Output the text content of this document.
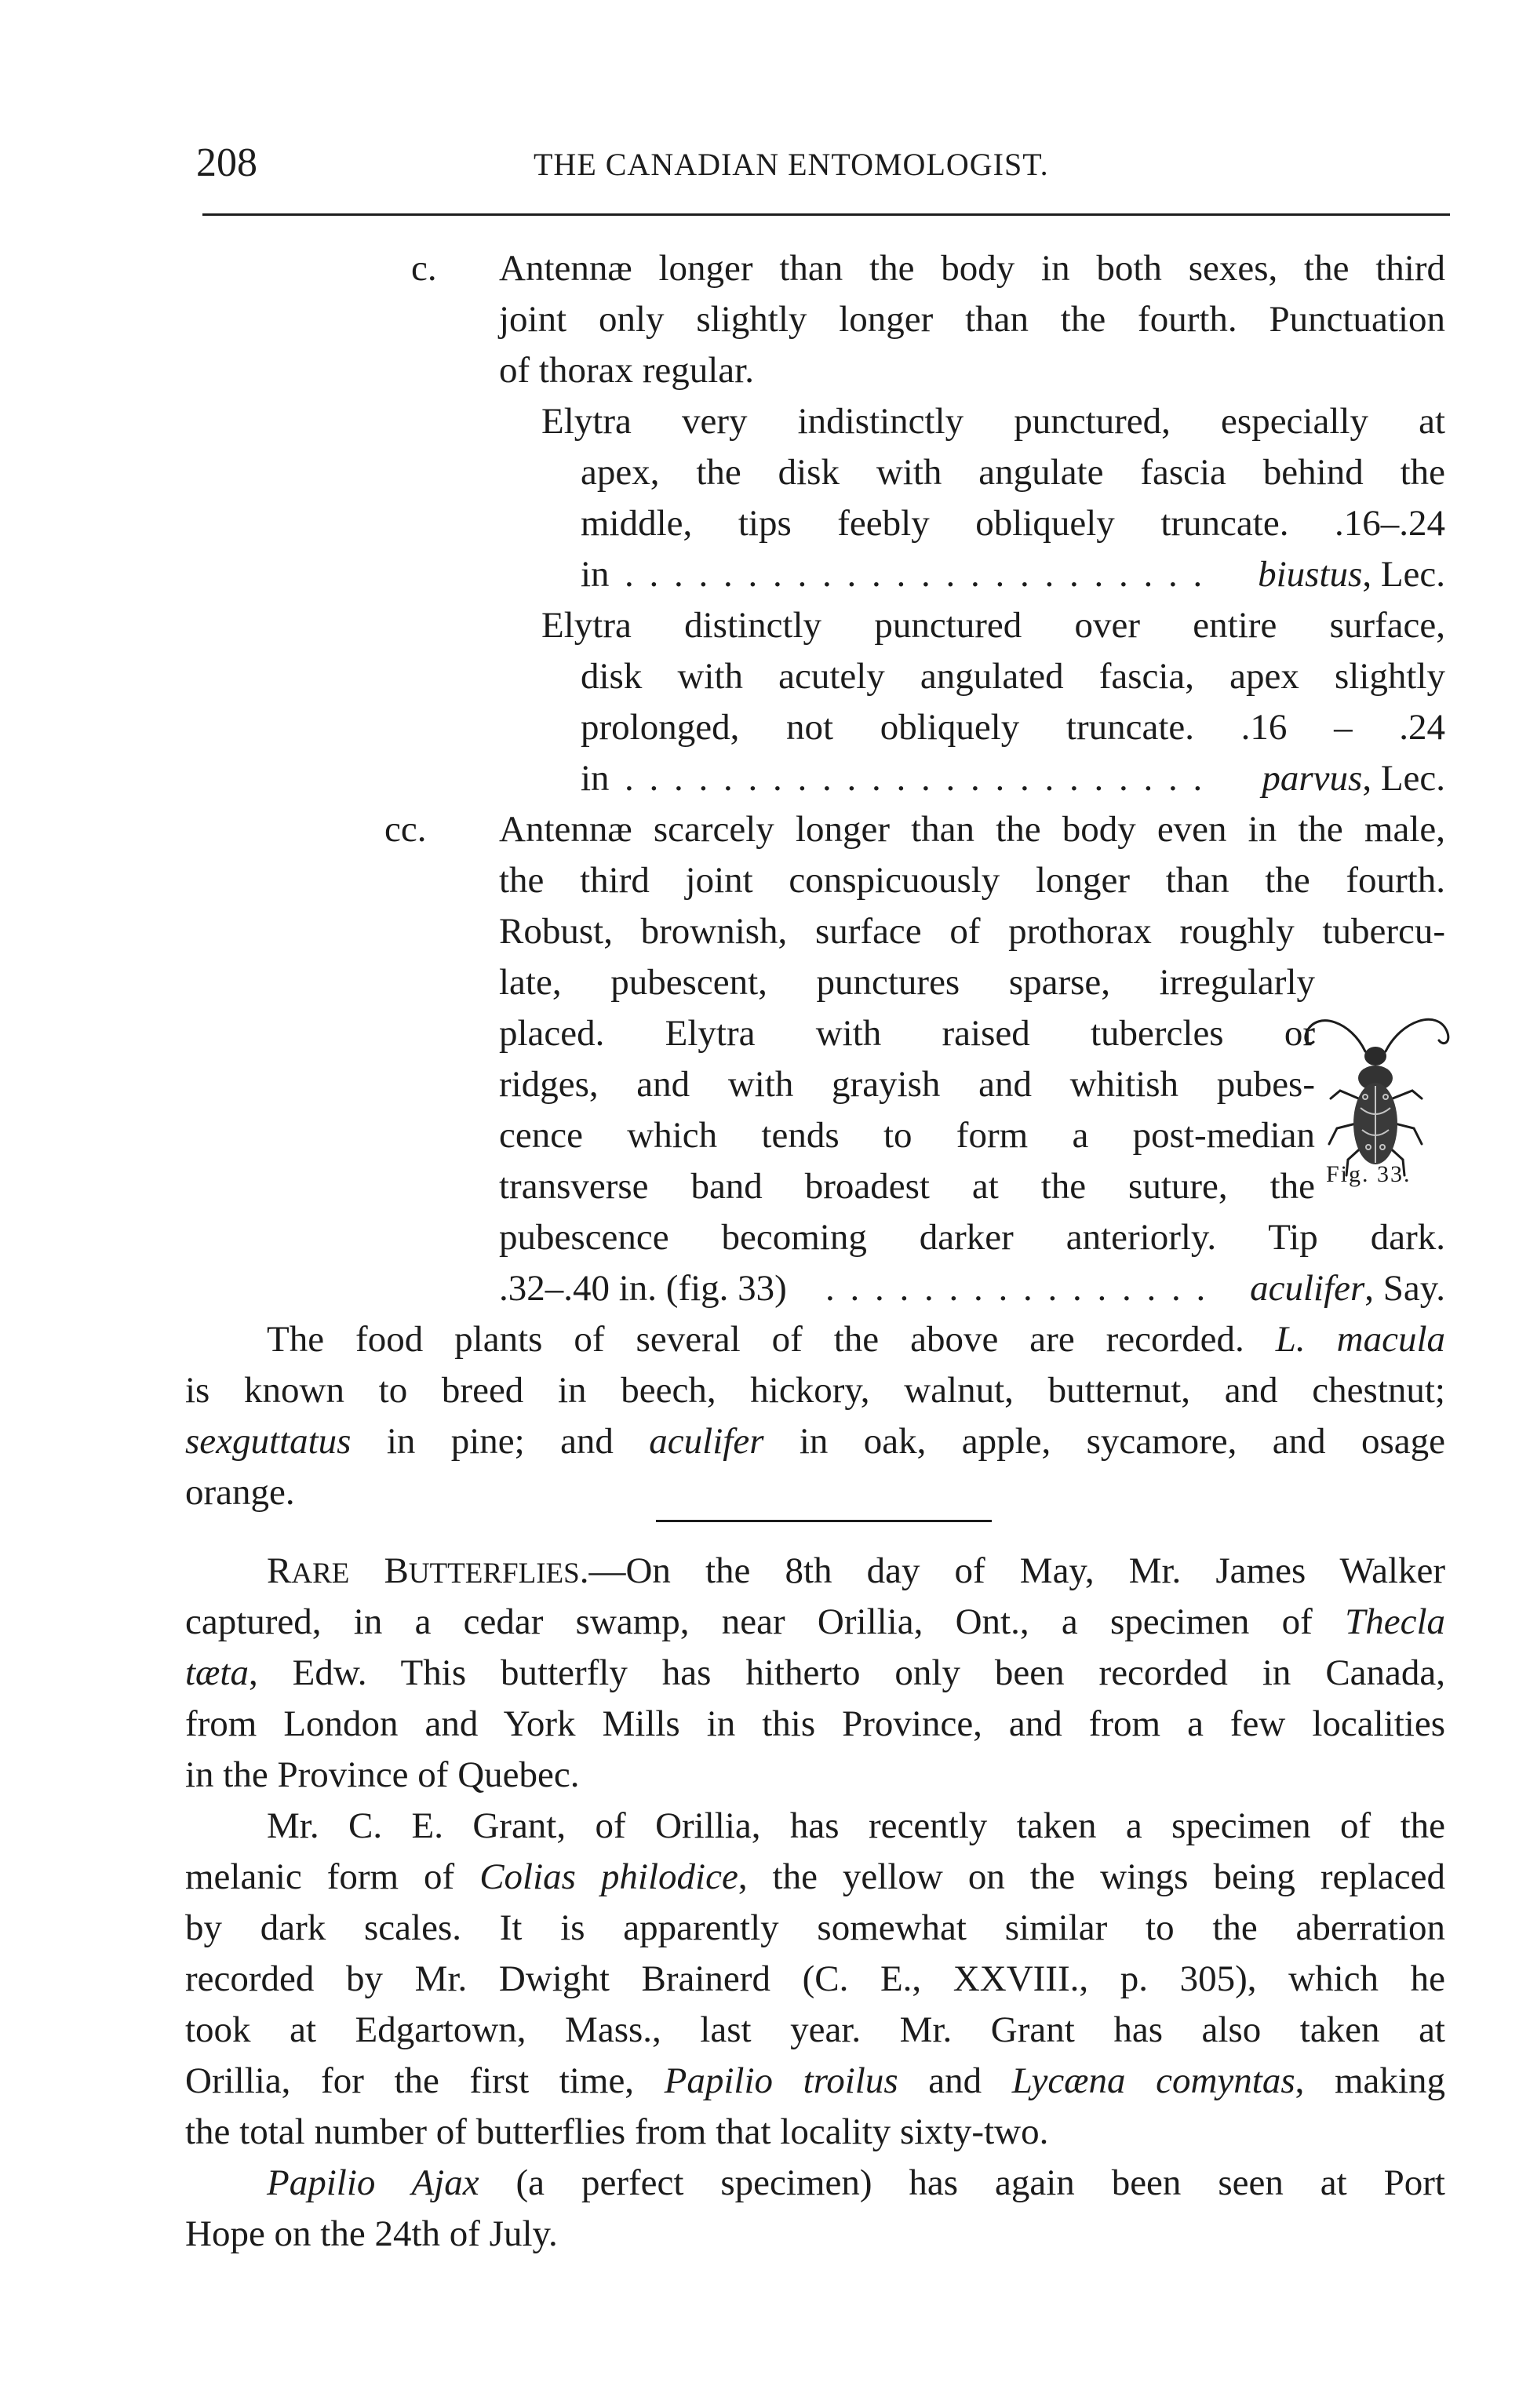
208	THE CANADIAN ENTOMOLOGIST.
c. Antennæ longer than the body in both sexes, the third

joint only slightly longer than the fourth. Punctuation

of thorax regular.

Elytra very indistinctly punctured, especially at

apex, the disk with angulate fascia behind the

middle, tips feebly obliquely truncate. .16–.24

in . . . . . . . . . . . . . . . . . . . . . . . . biustus, Lec.

Elytra distinctly punctured over entire surface,

disk with acutely angulated fascia, apex slightly

prolonged, not obliquely truncate. .16 – .24

in . . . . . . . . . . . . . . . . . . . . . . . . parvus, Lec.
cc. Antennæ scarcely longer than the body even in the male,

the third joint conspicuously longer than the fourth.

Robust, brownish, surface of prothorax roughly tubercu-

late, pubescent, punctures sparse, irregularly

placed. Elytra with raised tubercles or

ridges, and with grayish and whitish pubes-

cence which tends to form a post-median

transverse band broadest at the suture, the

pubescence becoming darker anteriorly. Tip dark.

.32–.40 in. (fig. 33) . . . . . . . . . . . . . . . . aculifer, Say.
Fig. 33.

The food plants of several of the above are recorded. L. macula

is known to breed in beech, hickory, walnut, butternut, and chestnut;

sexguttatus in pine; and aculifer in oak, apple, sycamore, and osage

orange.

RARE BUTTERFLIES.—On the 8th day of May, Mr. James Walker

captured, in a cedar swamp, near Orillia, Ont., a specimen of Thecla

tæta, Edw. This butterfly has hitherto only been recorded in Canada,

from London and York Mills in this Province, and from a few localities

in the Province of Quebec.

Mr. C. E. Grant, of Orillia, has recently taken a specimen of the

melanic form of Colias philodice, the yellow on the wings being replaced

by dark scales. It is apparently somewhat similar to the aberration

recorded by Mr. Dwight Brainerd (C. E., XXVIII., p. 305), which he

took at Edgartown, Mass., last year. Mr. Grant has also taken at

Orillia, for the first time, Papilio troilus and Lycæna comyntas, making

the total number of butterflies from that locality sixty-two.

Papilio Ajax (a perfect specimen) has again been seen at Port

Hope on the 24th of July.
